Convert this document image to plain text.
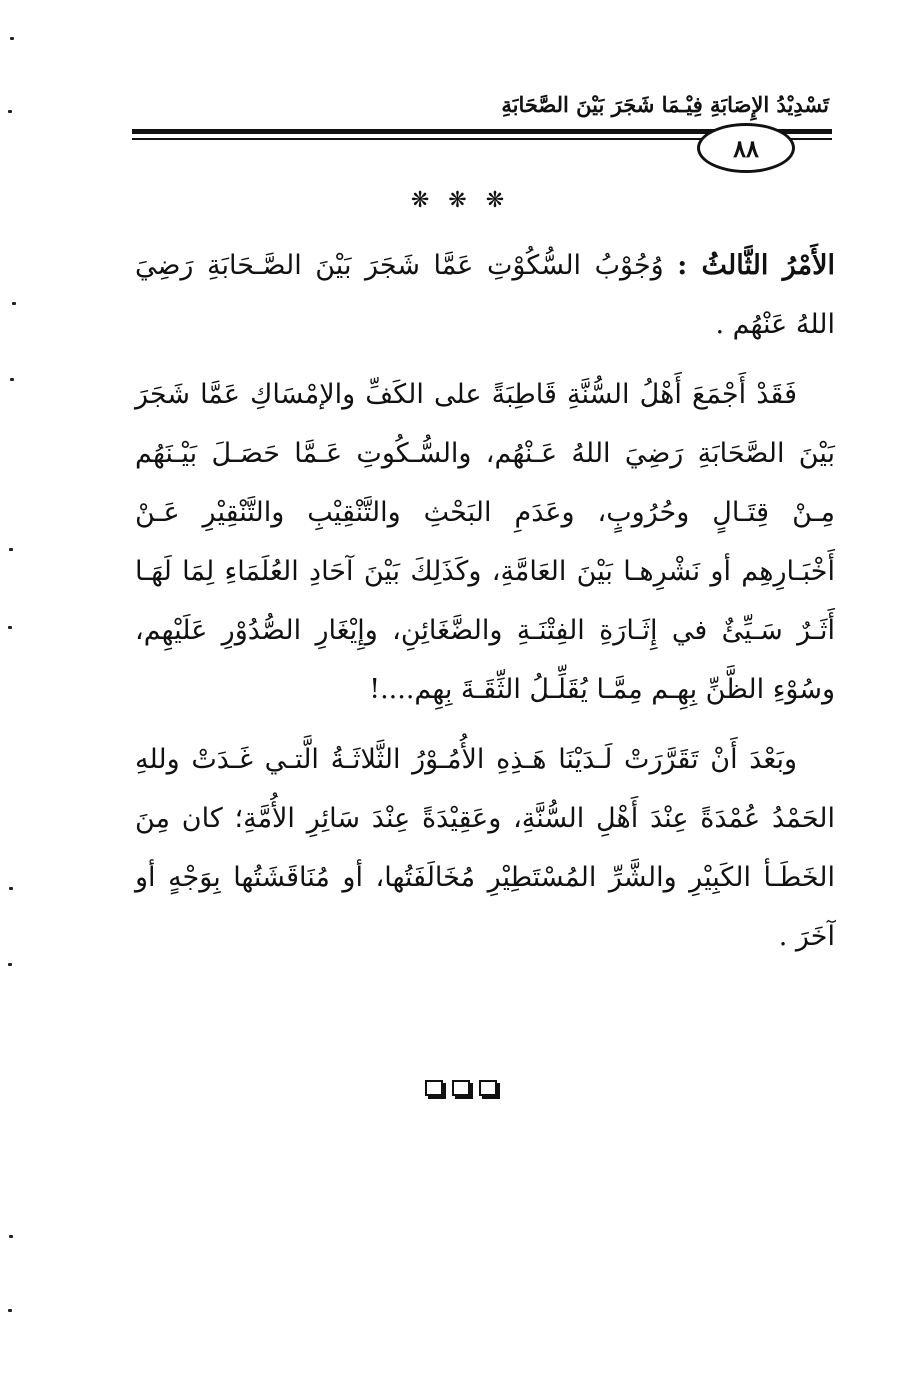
تَسْدِيْدُ الإِصَابَةِ فِيْـمَا شَجَرَ بَيْنَ الصَّحَابَةِ
٨٨
❋ ❋ ❋

الأَمْرُ الثَّالثُ : وُجُوْبُ السُّكُوْتِ عَمَّا شَجَرَ بَيْنَ الصَّـحَابَةِ رَضِيَ اللهُ عَنْهُم .

فَقَدْ أَجْمَعَ أَهْلُ السُّنَّةِ قَاطِبَةً على الكَفِّ والإمْسَاكِ عَمَّا شَجَرَ بَيْنَ الصَّحَابَةِ رَضِيَ اللهُ عَـنْهُم، والسُّـكُوتِ عَـمَّا حَصَـلَ بَيْـنَهُم مِـنْ قِتَـالٍ وحُرُوبٍ، وعَدَمِ البَحْثِ والتَّنْقِيْبِ والتَّنْقِيْرِ عَـنْ أَخْبَـارِهِم أو نَشْرِهـا بَيْنَ العَامَّةِ، وكَذَلِكَ بَيْنَ آحَادِ العُلَمَاءِ لِمَا لَهَـا أَثَـرٌ سَـيِّئٌ في إِثَـارَةِ الفِتْنَـةِ والضَّغَائِنِ، وإِيْغَارِ الصُّدُوْرِ عَلَيْهِم، وسُوْءِ الظَّنِّ بِهِـم مِمَّـا يُقَلِّـلُ الثِّقَـةَ بِهِم....!

وبَعْدَ أَنْ تَقَرَّرَتْ لَـدَيْنَا هَـذِهِ الأُمُـوْرُ الثَّلاثَـةُ الَّتـي غَـدَتْ وللهِ الحَمْدُ عُمْدَةً عِنْدَ أَهْلِ السُّنَّةِ، وعَقِيْدَةً عِنْدَ سَائِرِ الأُمَّةِ؛ كان مِنَ الخَطَـأ الكَبِيْرِ والشَّرِّ المُسْتَطِيْرِ مُخَالَفَتُها، أو مُنَاقَشَتُها بِوَجْهٍ أو آخَرَ .
